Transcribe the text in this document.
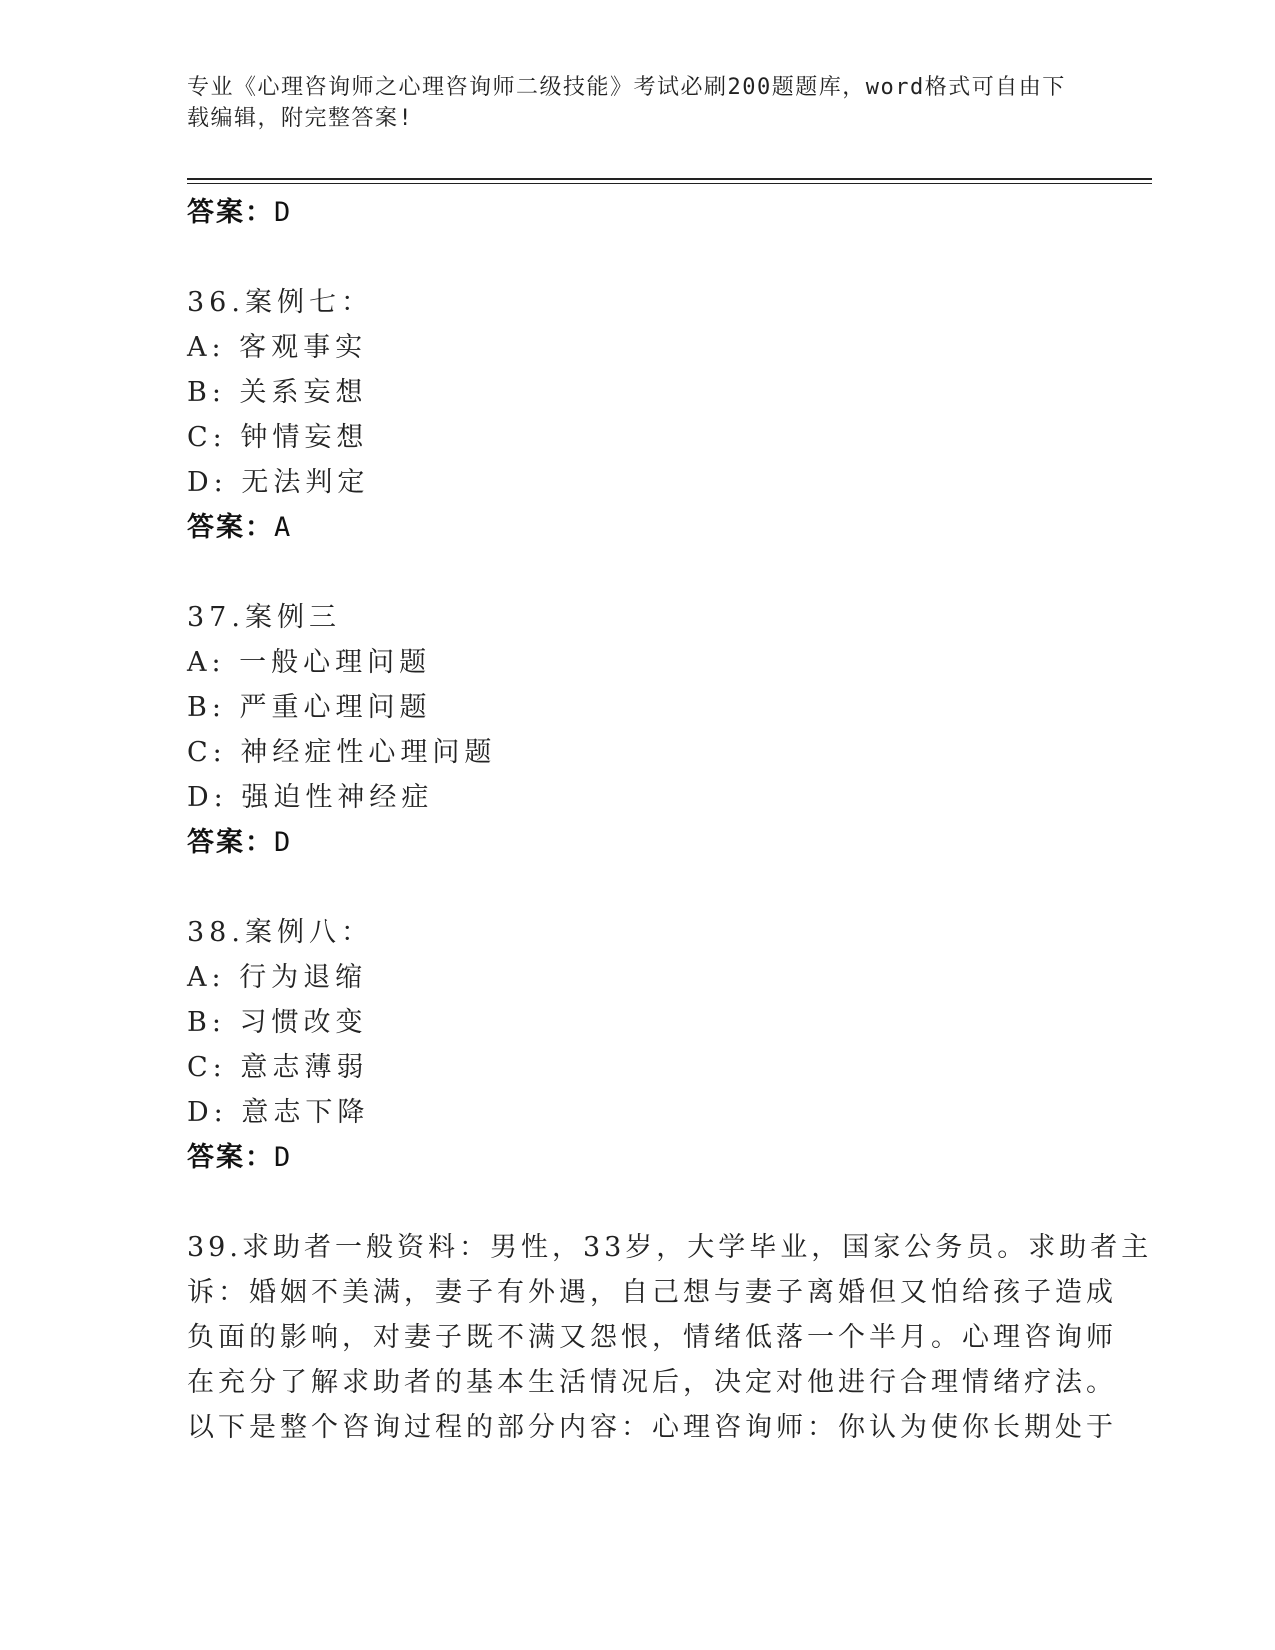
专业《心理咨询师之心理咨询师二级技能》考试必刷200题题库，word格式可自由下载编辑，附完整答案!
答案：D
36.案例七：
A: 客观事实
B: 关系妄想
C: 钟情妄想
D: 无法判定
答案：A
37.案例三
A: 一般心理问题
B: 严重心理问题
C: 神经症性心理问题
D: 强迫性神经症
答案：D
38.案例八：
A: 行为退缩
B: 习惯改变
C: 意志薄弱
D: 意志下降
答案：D
39.求助者一般资料：男性，33岁，大学毕业，国家公务员。求助者主
诉：婚姻不美满，妻子有外遇，自己想与妻子离婚但又怕给孩子造成
负面的影响，对妻子既不满又怨恨，情绪低落一个半月。心理咨询师
在充分了解求助者的基本生活情况后，决定对他进行合理情绪疗法。
以下是整个咨询过程的部分内容：心理咨询师：你认为使你长期处于
